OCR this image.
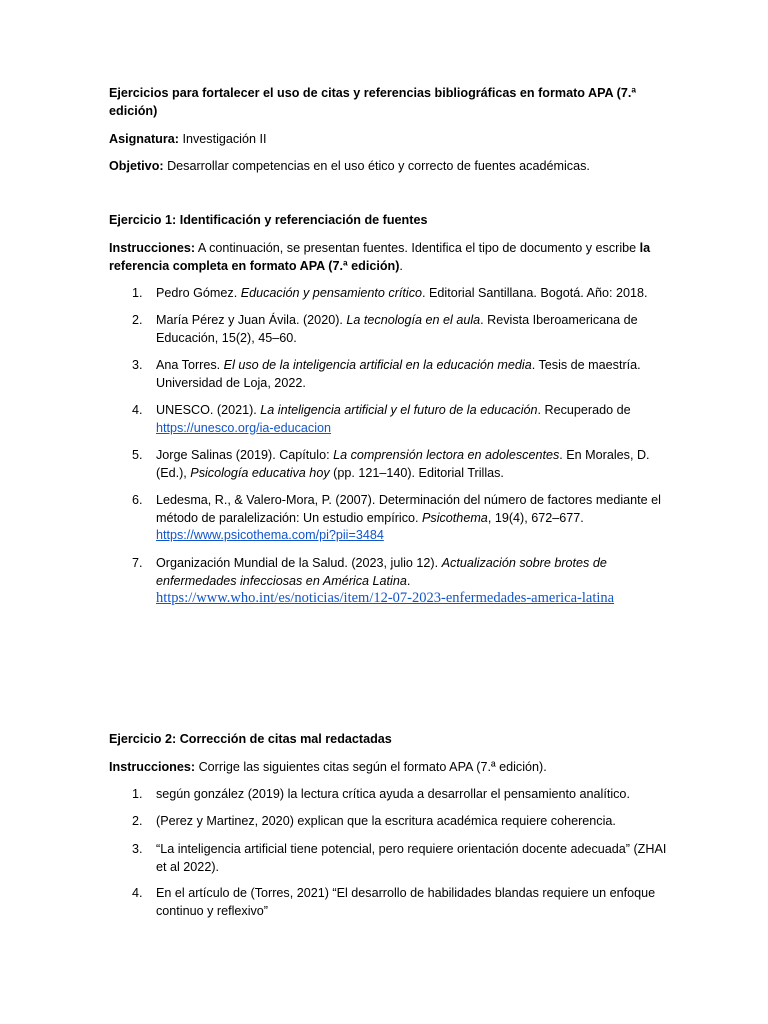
Ejercicios para fortalecer el uso de citas y referencias bibliográficas en formato APA (7.ª edición)

Asignatura: Investigación II

Objetivo: Desarrollar competencias en el uso ético y correcto de fuentes académicas.

Ejercicio 1: Identificación y referenciación de fuentes

Instrucciones: A continuación, se presentan fuentes. Identifica el tipo de documento y escribe la referencia completa en formato APA (7.ª edición).

1. Pedro Gómez. Educación y pensamiento crítico. Editorial Santillana. Bogotá. Año: 2018.
2. María Pérez y Juan Ávila. (2020). La tecnología en el aula. Revista Iberoamericana de Educación, 15(2), 45–60.
3. Ana Torres. El uso de la inteligencia artificial en la educación media. Tesis de maestría. Universidad de Loja, 2022.
4. UNESCO. (2021). La inteligencia artificial y el futuro de la educación. Recuperado de https://unesco.org/ia-educacion
5. Jorge Salinas (2019). Capítulo: La comprensión lectora en adolescentes. En Morales, D. (Ed.), Psicología educativa hoy (pp. 121–140). Editorial Trillas.
6. Ledesma, R., & Valero-Mora, P. (2007). Determinación del número de factores mediante el método de paralelización: Un estudio empírico. Psicothema, 19(4), 672–677. https://www.psicothema.com/pi?pii=3484
7. Organización Mundial de la Salud. (2023, julio 12). Actualización sobre brotes de enfermedades infecciosas en América Latina.
https://www.who.int/es/noticias/item/12-07-2023-enfermedades-america-latina

Ejercicio 2: Corrección de citas mal redactadas

Instrucciones: Corrige las siguientes citas según el formato APA (7.ª edición).

1. según gonzález (2019) la lectura crítica ayuda a desarrollar el pensamiento analítico.
2. (Perez y Martinez, 2020) explican que la escritura académica requiere coherencia.
3. “La inteligencia artificial tiene potencial, pero requiere orientación docente adecuada” (ZHAI et al 2022).
4. En el artículo de (Torres, 2021) “El desarrollo de habilidades blandas requiere un enfoque continuo y reflexivo”
